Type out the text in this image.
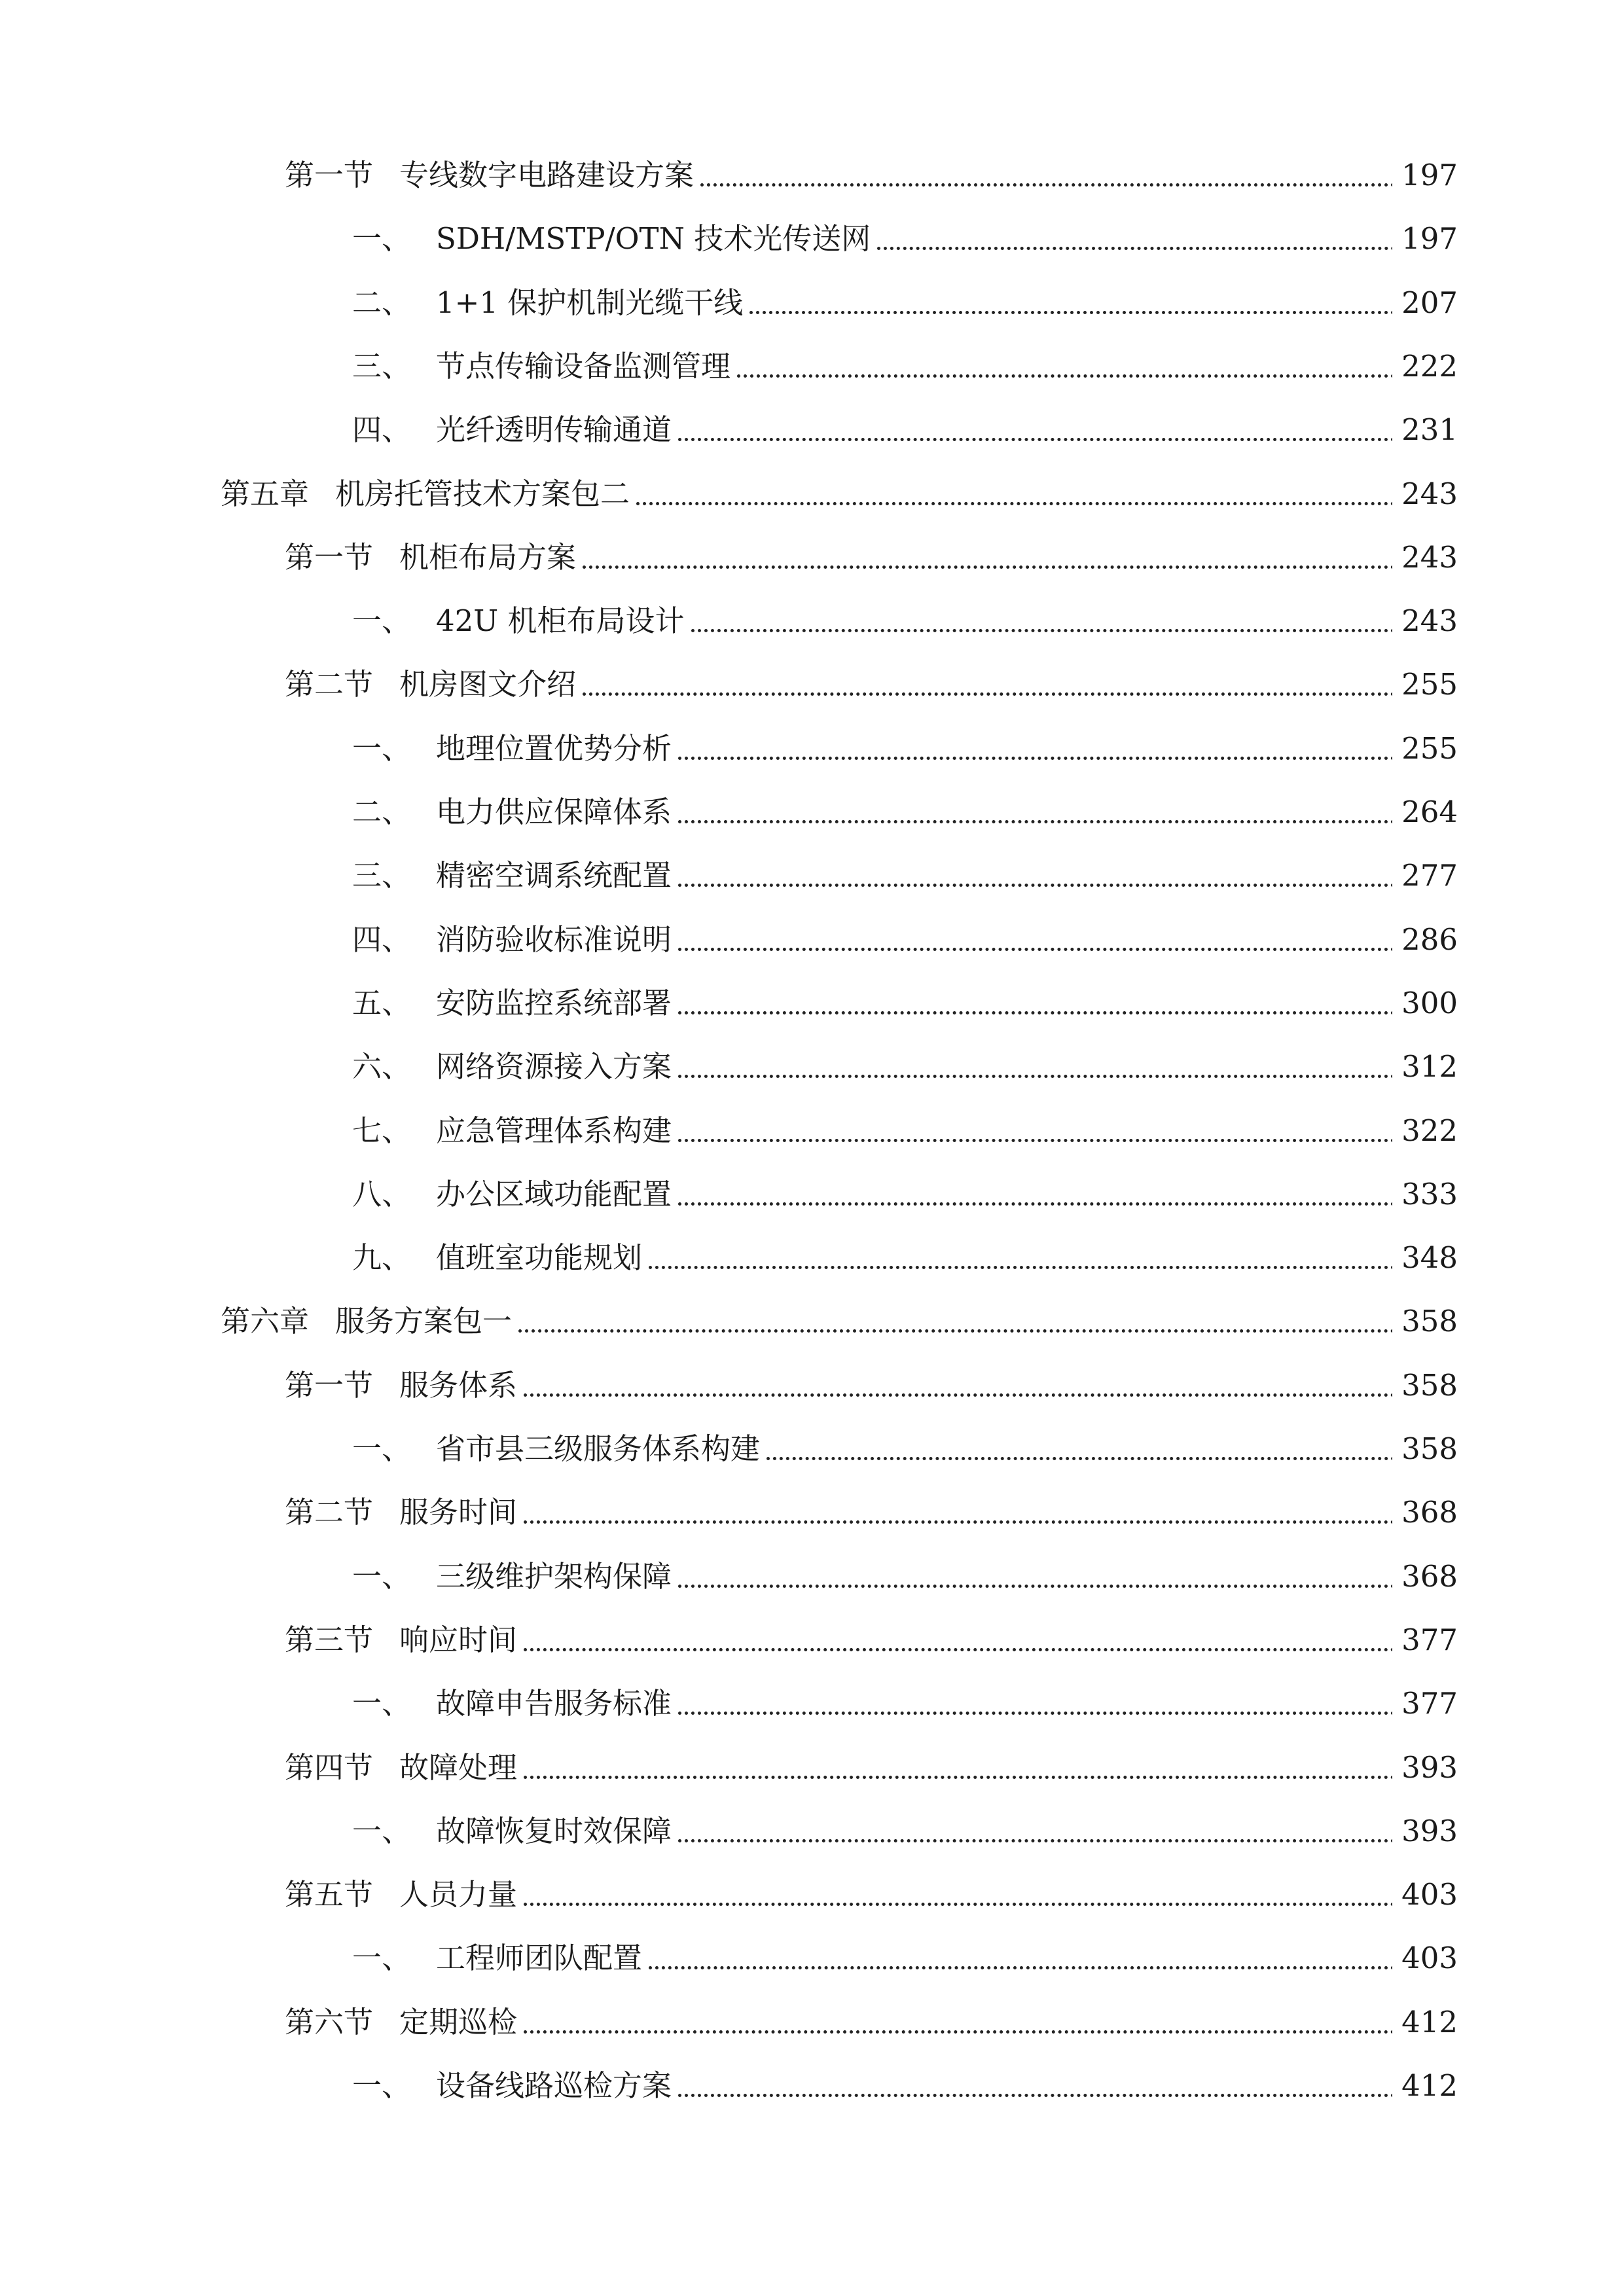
第一节 专线数字电路建设方案	197
一、 SDH/MSTP/OTN 技术光传送网	197
二、 1+1 保护机制光缆干线	207
三、 节点传输设备监测管理	222
四、 光纤透明传输通道	231
第五章 机房托管技术方案包二	243
第一节 机柜布局方案	243
一、 42U 机柜布局设计	243
第二节 机房图文介绍	255
一、 地理位置优势分析	255
二、 电力供应保障体系	264
三、 精密空调系统配置	277
四、 消防验收标准说明	286
五、 安防监控系统部署	300
六、 网络资源接入方案	312
七、 应急管理体系构建	322
八、 办公区域功能配置	333
九、 值班室功能规划	348
第六章 服务方案包一	358
第一节 服务体系	358
一、 省市县三级服务体系构建	358
第二节 服务时间	368
一、 三级维护架构保障	368
第三节 响应时间	377
一、 故障申告服务标准	377
第四节 故障处理	393
一、 故障恢复时效保障	393
第五节 人员力量	403
一、 工程师团队配置	403
第六节 定期巡检	412
一、 设备线路巡检方案	412
